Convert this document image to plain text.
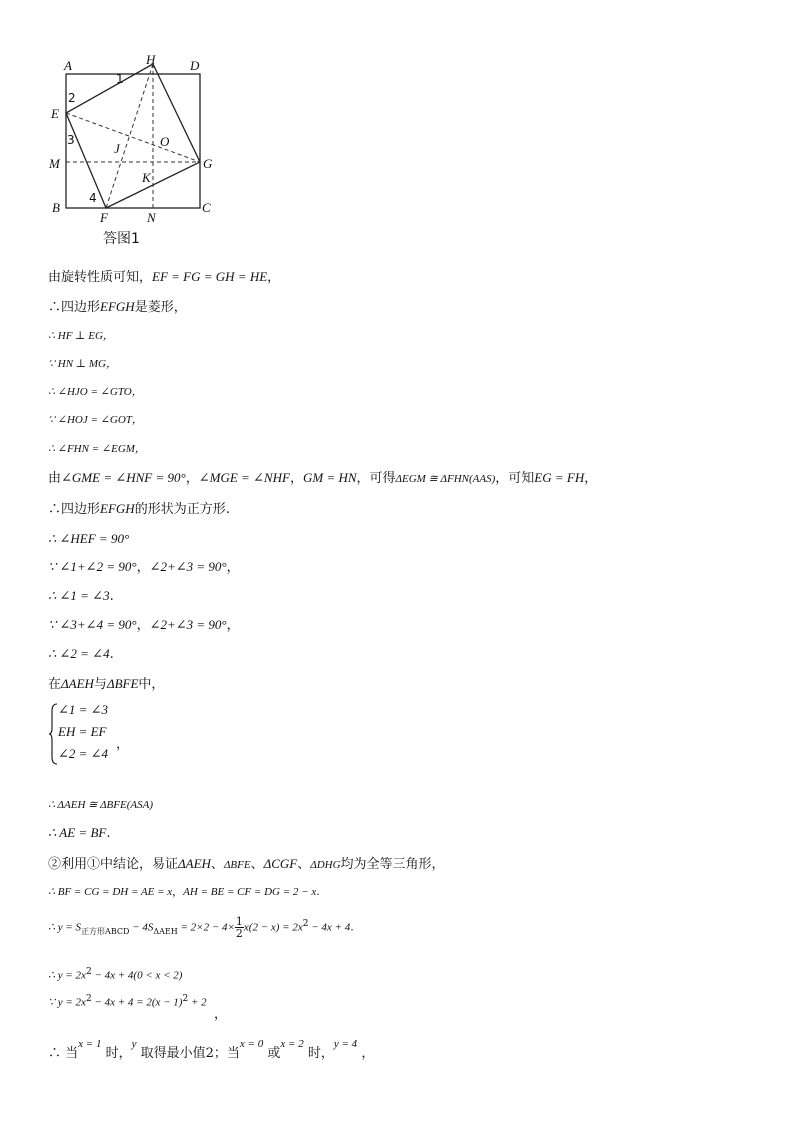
A	H	D
E
O
J
M	G
K
B
F	N
C
1
2
3
4
答图1
由旋转性质可知，EF = FG = GH = HE，
∴四边形EFGH是菱形，
∴ HF ⊥ EG，
∵ HN ⊥ MG，
∴ ∠HJO = ∠GTO，
∵ ∠HOJ = ∠GOT，
∴ ∠FHN = ∠EGM，
由∠GME = ∠HNF = 90°，∠MGE = ∠NHF，GM = HN，可得ΔEGM ≅ ΔFHN(AAS)，可知EG = FH，
∴四边形EFGH的形状为正方形.
∴ ∠HEF = 90°
∵ ∠1+∠2 = 90°，∠2+∠3 = 90°，
∴ ∠1 = ∠3.
∵ ∠3+∠4 = 90°，∠2+∠3 = 90°，
∴ ∠2 = ∠4.
在ΔAEH与ΔBFE中，
∠1 = ∠3
EH = EF
∠2 = ∠4
，
∴ ΔAEH ≅ ΔBFE(ASA)
∴ AE = BF.
②利用①中结论，易证ΔAEH、ΔBFE、ΔCGF、ΔDHG均为全等三角形，
∴ BF = CG = DH = AE = x，AH = BE = CF = DG = 2 − x.
∴ $y = S_{正方形ABCD} - 4S_{\Delta AEH} = 2\times 2 - 4\times \frac{1}{2} x(2 - x) = 2x^2 - 4x + 4$.
∴ $y = 2x^2 - 4x + 4(0 < x < 2)$
∵ $y = 2x^2 - 4x + 4 = 2(x - 1)^2 + 2$
，
∴ 当$^{x = 1}$ 时，$^y$ 取得最小值2；当$^{x = 0}$ 或$^{x = 2}$ 时，$^{y = 4}$ ，
